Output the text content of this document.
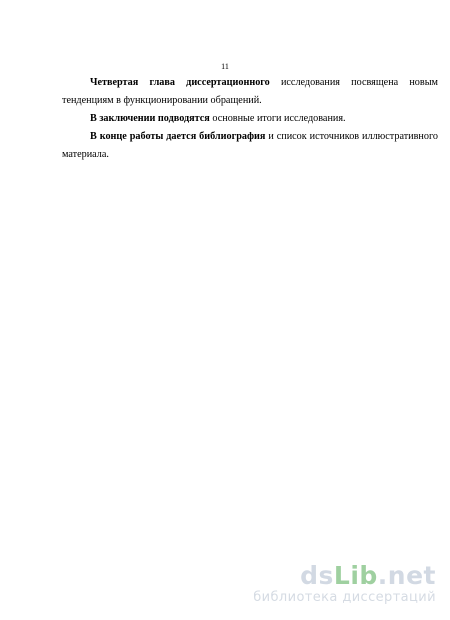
11

Четвертая глава диссертационного исследования посвящена новым тенденциям в функционировании обращений.

В заключении подводятся основные итоги исследования.

В конце работы дается библиография и список источников иллюстративного материала.

dsLib.net
библиотека диссертаций
